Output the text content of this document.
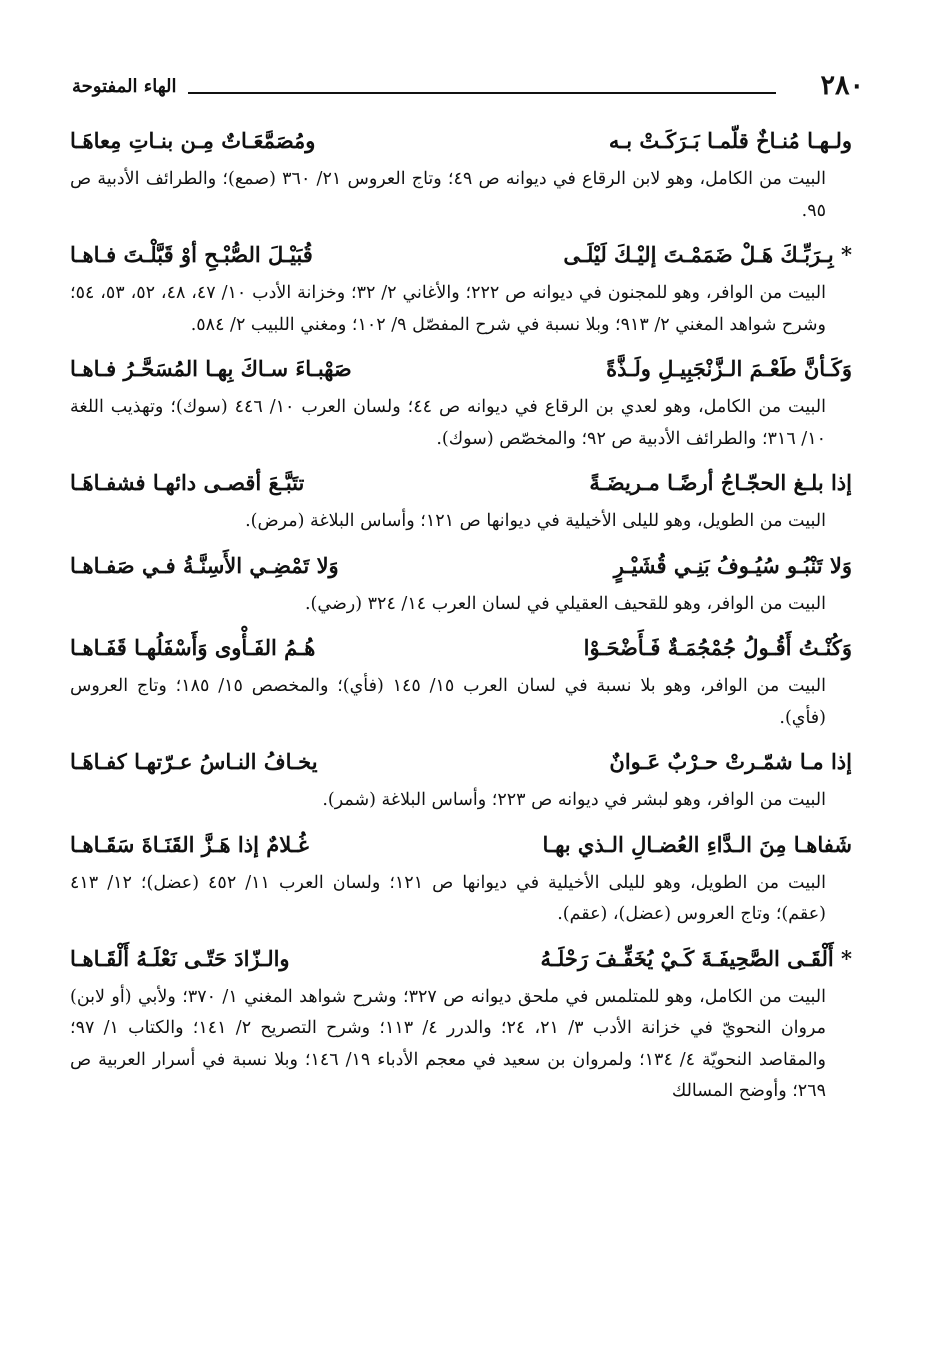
٢٨٠
الهاء المفتوحة
ولـهـا مُنـاخٌ قلّمـا بَـرَكَـتْ بـه
ومُصَمَّعَـاتٌ مِـن بنـاتِ مِعاهَـا

البيت من الكامل، وهو لابن الرقاع في ديوانه ص ٤٩؛ وتاج العروس ٢١/ ٣٦٠ (صمع)؛ والطرائف الأدبية ص ٩٥.

* بِـرَبِّـكَ هَـلْ ضَمَمْـتَ إليْـكَ لَيْلَـى
قُبَيْـلَ الصُّبْـحِ أوْ قَبَّلْـتَ فـاهـا

البيت من الوافر، وهو للمجنون في ديوانه ص ٢٢٢؛ والأغاني ٢/ ٣٢؛ وخزانة الأدب ١٠/ ٤٧، ٤٨، ٥٢، ٥٣، ٥٤؛ وشرح شواهد المغني ٢/ ٩١٣؛ وبلا نسبة في شرح المفصّل ٩/ ١٠٢؛ ومغني اللبيب ٢/ ٥٨٤.

وَكَـأنَّ طَعْـمَ الـزَّنْجَبِيـلِ ولَـذَّةً
صَهْبـاءَ سـاكَ بِهـا المُسَحَّـرُ فـاهـا

البيت من الكامل، وهو لعدي بن الرقاع في ديوانه ص ٤٤؛ ولسان العرب ١٠/ ٤٤٦ (سوك)؛ وتهذيب اللغة ١٠/ ٣١٦؛ والطرائف الأدبية ص ٩٢؛ والمخصّص (سوك).

إذا بلـغ الحجّـاجُ أرضًـا مـريضَـةً
تتَبَّـعَ أقصـى دائهـا فشفـاهَـا

البيت من الطويل، وهو لليلى الأخيلية في ديوانها ص ١٢١؛ وأساس البلاغة (مرض).

وَلا تَنْبُـو سُيُـوفُ بَنِـي قُشَيْـرٍ
وَلا تَمْضِـي الأَسِنَّـةُ فـي صَفـاهـا

البيت من الوافر، وهو للقحيف العقيلي في لسان العرب ١٤/ ٣٢٤ (رضي).

وَكُنْـتُ أَقُـولُ جُمْجُمَـةٌ فَـأَضْحَـوْا
هُـمُ الفَـأْوى وَأَسْفَلُهـا قَفَـاهـا

البيت من الوافر، وهو بلا نسبة في لسان العرب ١٥/ ١٤٥ (فأي)؛ والمخصص ١٥/ ١٨٥؛ وتاج العروس (فأي).

إذا مـا شمّـرتْ حـرْبٌ عَـوانٌ
يخـافُ النـاسُ عـرّتهـا كفـاهَـا

البيت من الوافر، وهو لبشر في ديوانه ص ٢٢٣؛ وأساس البلاغة (شمر).

شَفاهـا مِنَ الـدَّاءِ العُضـالِ الـذي بهـا
غُـلامٌ إذا هَـزَّ القَنَـاةَ سَقَـاهـا

البيت من الطويل، وهو لليلى الأخيلية في ديوانها ص ١٢١؛ ولسان العرب ١١/ ٤٥٢ (عضل)؛ ١٢/ ٤١٣ (عقم)؛ وتاج العروس (عضل)، (عقم).

* أَلْقَـى الصَّحِيفَـةَ كَـيْ يُخَفِّـفَ رَحْلَـهُ
والـزّادَ حَتّـى نَعْلَـهُ أَلْقَـاهـا

البيت من الكامل، وهو للمتلمس في ملحق ديوانه ص ٣٢٧؛ وشرح شواهد المغني ١/ ٣٧٠؛ ولأبي (أو لابن) مروان النحويّ في خزانة الأدب ٣/ ٢١، ٢٤؛ والدرر ٤/ ١١٣؛ وشرح التصريح ٢/ ١٤١؛ والكتاب ١/ ٩٧؛ والمقاصد النحويّة ٤/ ١٣٤؛ ولمروان بن سعيد في معجم الأدباء ١٩/ ١٤٦؛ وبلا نسبة في أسرار العربية ص ٢٦٩؛ وأوضح المسالك
